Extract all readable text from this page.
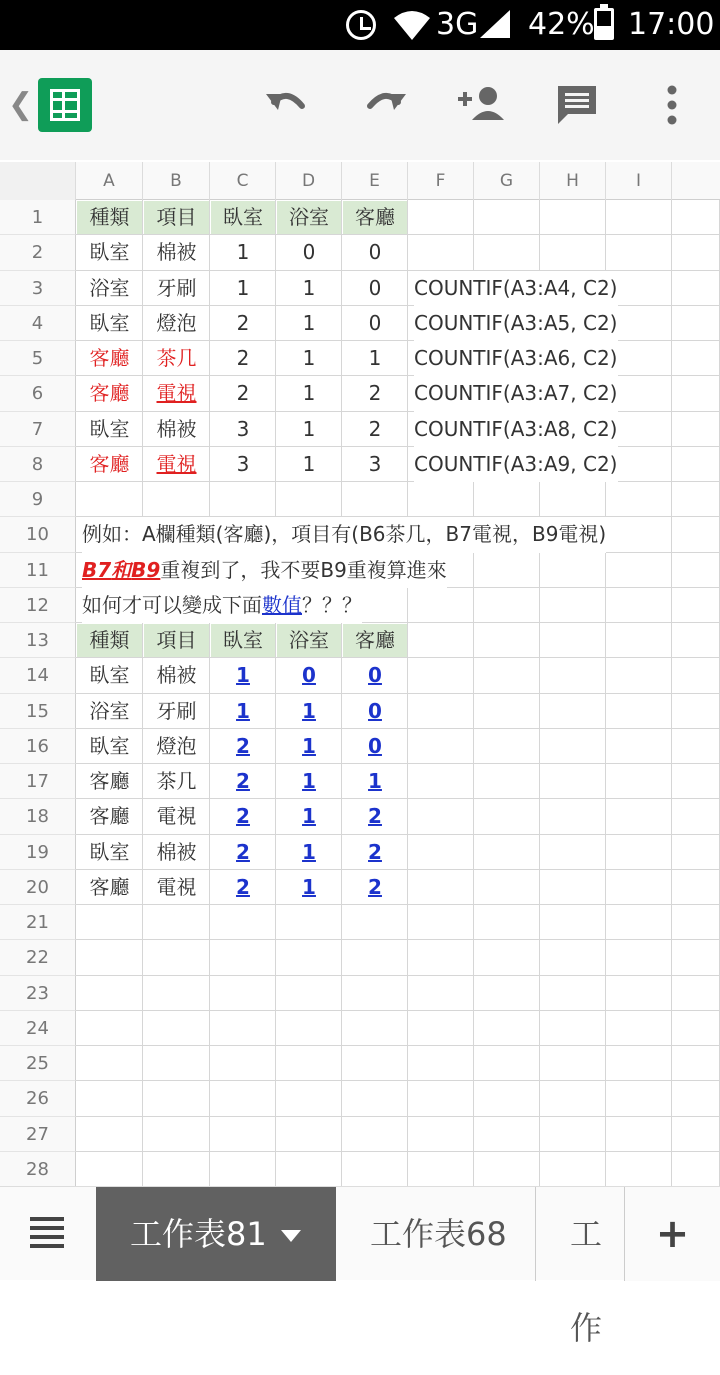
3G 42% 17:00
❮
A	B	C	D	E	F	G	H	I
1
2
3
4
5
6
7
8
9
10
11
12
13
14
15
16
17
18
19
20
21
22
23
24
25
26
27
28
種類	項目	臥室	浴室	客廳
臥室	棉被	1	0	0
浴室	牙刷	1	1	0	COUNTIF(A3:A4, C2)
臥室	燈泡	2	1	0	COUNTIF(A3:A5, C2)
客廳	茶几	2	1	1	COUNTIF(A3:A6, C2)
客廳	電視	2	1	2	COUNTIF(A3:A7, C2)
臥室	棉被	3	1	2	COUNTIF(A3:A8, C2)
客廳	電視	3	1	3	COUNTIF(A3:A9, C2)
例如：A欄種類(客廳)，項目有(B6茶几，B7電視，B9電視)
B7和B9重複到了，我不要B9重複算進來
如何才可以變成下面數值？？？
種類	項目	臥室	浴室	客廳
臥室	棉被	1	0	0
浴室	牙刷	1	1	0
臥室	燈泡	2	1	0
客廳	茶几	2	1	1
客廳	電視	2	1	2
臥室	棉被	2	1	2
客廳	電視	2	1	2
工作表81	工作表68	工作
+
